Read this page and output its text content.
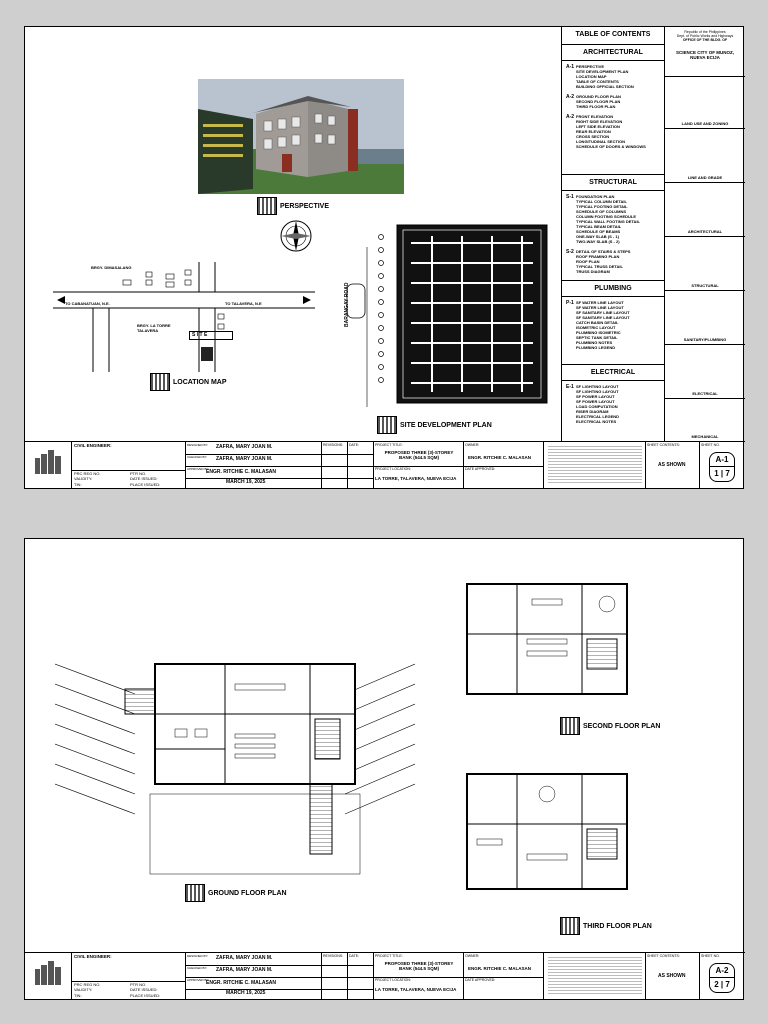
PERSPECTIVE
BRGY. DIMASALANG
TO CABANATUAN, N.E.	TO TALAVERA, N.E
BRGY. LA TORRE TALAVERA
S I T E
LOCATION MAP
BARANGAY ROAD
SITE DEVELOPMENT PLAN
TABLE OF CONTENTS
ARCHITECTURAL
A-1 PERSPECTIVE
SITE DEVELOPMENT PLAN
LOCATION MAP
TABLE OF CONTENTS
BUILDING OFFICIAL SECTION
A-2 GROUND FLOOR PLAN
SECOND FLOOR PLAN
THIRD FLOOR PLAN
A-2 FRONT ELEVATION
RIGHT SIDE ELEVATION
LEFT SIDE ELEVATION
REAR ELEVATION
CROSS SECTION
LONGITUDINAL SECTION
SCHEDULE OF DOORS & WINDOWS
STRUCTURAL
S-1 FOUNDATION PLAN
TYPICAL COLUMN DETAIL
TYPICAL FOOTING DETAIL
SCHEDULE OF COLUMNS
COLUMN FOOTING SCHEDULE
TYPICAL WALL FOOTING DETAIL
TYPICAL BEAM DETAIL
SCHEDULE OF BEAMS
ONE-WAY SLAB (S - 1)
TWO-WAY SLAB (S - 2)
S-2 DETAIL OF STAIRS & STEPS
ROOF FRAMING PLAN
ROOF PLAN
TYPICAL TRUSS DETAIL
TRUSS DIAGRAM
PLUMBING
P-1 SF WATER LINE LAYOUT
SF WATER LINE LAYOUT
SF SANITARY LINE LAYOUT
SF SANITARY LINE LAYOUT
CATCH BASIN DETAIL
ISOMETRIC LAYOUT
PLUMBING ISOMETRIC
SEPTIC TANK DETAIL
PLUMBING NOTES
PLUMBING LEGEND
ELECTRICAL
E-1 SF LIGHTING LAYOUT
SF LIGHTING LAYOUT
SF POWER LAYOUT
SF POWER LAYOUT
LOAD COMPUTATION
RISER DIAGRAM
ELECTRICAL LEGEND
ELECTRICAL NOTES
Republic of the Philippines
Dept. of Public Works and Highways
OFFICE OF THE BLDG. OF
SCIENCE CITY OF MUNOZ, NUEVA ECIJA
LAND USE AND ZONING
LINE AND GRADE
ARCHITECTURAL
STRUCTURAL
SANITARY/PLUMBING
ELECTRICAL
MECHANICAL
CIVIL ENGINEER:
PRC REG NO.	PTR NO.
VALIDITY:	DATE ISSUED:
TIN:	PLACE ISSUED:
DESIGNED BY: ZAFRA, MARY JOAN M.
CHECKED BY: ZAFRA, MARY JOAN M.
APPROVED BY:
ENGR. RITCHIE C. MALASAN
MARCH 19, 2025
REVISIONS: DATE:	PROJECT TITLE:
PROPOSED THREE (3)-STOREY BANK (544.5 SQM)
PROJECT LOCATION:
LA TORRE, TALAVERA, NUEVA ECIJA
OWNER:
ENGR. RITCHIE C. MALASAN
DATE APPROVED:
SHEET CONTENTS:
AS SHOWN
SHEET NO.
A-1
1 | 7
GROUND FLOOR PLAN
SECOND FLOOR PLAN
THIRD FLOOR PLAN
CIVIL ENGINEER:
PRC REG NO.	PTR NO.
VALIDITY:	DATE ISSUED:
TIN:	PLACE ISSUED:
DESIGNED BY: ZAFRA, MARY JOAN M.
CHECKED BY: ZAFRA, MARY JOAN M.
APPROVED BY:
ENGR. RITCHIE C. MALASAN
MARCH 19, 2025
REVISIONS: DATE:	PROJECT TITLE:
PROPOSED THREE (3)-STOREY BANK (544.5 SQM)
PROJECT LOCATION:
LA TORRE, TALAVERA, NUEVA ECIJA
OWNER:
ENGR. RITCHIE C. MALASAN
DATE APPROVED:
SHEET CONTENTS:
AS SHOWN
SHEET NO.
A-2
2 | 7
